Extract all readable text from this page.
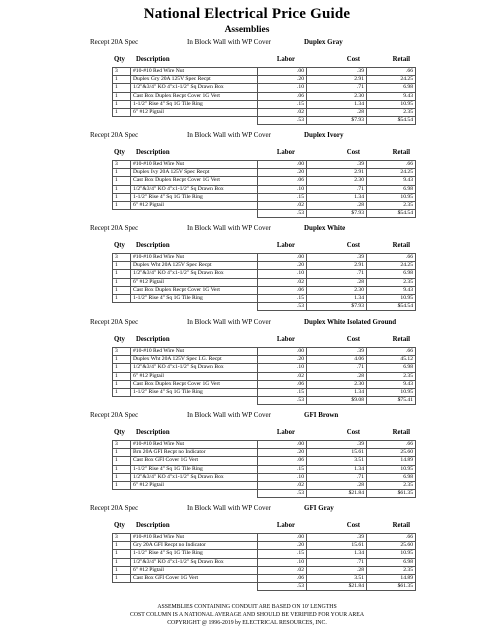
National Electrical Price Guide
Assemblies
Recept 20A Spec	In Block Wall with WP Cover	Duplex Gray
Qty Description	Labor	Cost	Retail
3	#10-#10 Red Wire Nut	.00	.39	.66
1	Duplex Gry 20A 125V Spec Recpt	.20	2.91	24.25
1	1/2"&3/4" KO 4"x1-1/2" Sq Drawn Box	.10	.71	6.98
1	Cast Box Duplex Recpt Cover 1G Vert	.06	2.30	9.43
1	1-1/2" Rise 4" Sq 1G Tile Ring	.15	1.34	10.95
1	6" #12 Pigtail	.02	.28	2.35
		.53	$7.93	$54.54
Recept 20A Spec	In Block Wall with WP Cover	Duplex Ivory
Qty Description	Labor	Cost	Retail
3	#10-#10 Red Wire Nut	.00	.39	.66
1	Duplex Ivy 20A 125V Spec Recpt	.20	2.91	24.25
1	Cast Box Duplex Recpt Cover 1G Vert	.06	2.30	9.43
1	1/2"&3/4" KO 4"x1-1/2" Sq Drawn Box	.10	.71	6.98
1	1-1/2" Rise 4" Sq 1G Tile Ring	.15	1.34	10.95
1	6" #12 Pigtail	.02	.28	2.35
		.53	$7.93	$54.54
Recept 20A Spec	In Block Wall with WP Cover	Duplex White
Qty Description	Labor	Cost	Retail
3	#10-#10 Red Wire Nut	.00	.39	.66
1	Duplex Wht 20A 125V Spec Recpt	.20	2.91	24.25
1	1/2"&3/4" KO 4"x1-1/2" Sq Drawn Box	.10	.71	6.98
1	6" #12 Pigtail	.02	.28	2.35
1	Cast Box Duplex Recpt Cover 1G Vert	.06	2.30	9.43
1	1-1/2" Rise 4" Sq 1G Tile Ring	.15	1.34	10.95
		.53	$7.93	$54.54
Recept 20A Spec	In Block Wall with WP Cover	Duplex White Isolated Ground
Qty Description	Labor	Cost	Retail
3	#10-#10 Red Wire Nut	.00	.39	.66
1	Duplex Wht 20A 125V Spec I.G. Recpt	.20	4.06	45.12
1	1/2"&3/4" KO 4"x1-1/2" Sq Drawn Box	.10	.71	6.98
1	6" #12 Pigtail	.02	.28	2.35
1	Cast Box Duplex Recpt Cover 1G Vert	.06	2.30	9.43
1	1-1/2" Rise 4" Sq 1G Tile Ring	.15	1.34	10.95
		.53	$9.08	$75.41
Recept 20A Spec	In Block Wall with WP Cover	GFI Brown
Qty Description	Labor	Cost	Retail
3	#10-#10 Red Wire Nut	.00	.39	.66
1	Brn 20A GFI Recpt no Indicator	.20	15.61	25.60
1	Cast Box GFI Cover 1G Vert	.06	3.51	14.89
1	1-1/2" Rise 4" Sq 1G Tile Ring	.15	1.34	10.95
1	1/2"&3/4" KO 4"x1-1/2" Sq Drawn Box	.10	.71	6.98
1	6" #12 Pigtail	.02	.28	2.35
		.53	$21.84	$61.35
Recept 20A Spec	In Block Wall with WP Cover	GFI Gray
Qty Description	Labor	Cost	Retail
3	#10-#10 Red Wire Nut	.00	.39	.66
1	Gry 20A GFI Recpt no Indicator	.20	15.61	25.60
1	1-1/2" Rise 4" Sq 1G Tile Ring	.15	1.34	10.95
1	1/2"&3/4" KO 4"x1-1/2" Sq Drawn Box	.10	.71	6.98
1	6" #12 Pigtail	.02	.28	2.35
1	Cast Box GFI Cover 1G Vert	.06	3.51	14.89
		.53	$21.84	$61.35
ASSEMBLIES CONTAINING CONDUIT ARE BASED ON 10' LENGTHS
COST COLUMN IS A NATIONAL AVERAGE AND SHOULD BE VERIFIED FOR YOUR AREA
COPYRIGHT @ 1996-2019 by ELECTRICAL RESOURCES, INC.
